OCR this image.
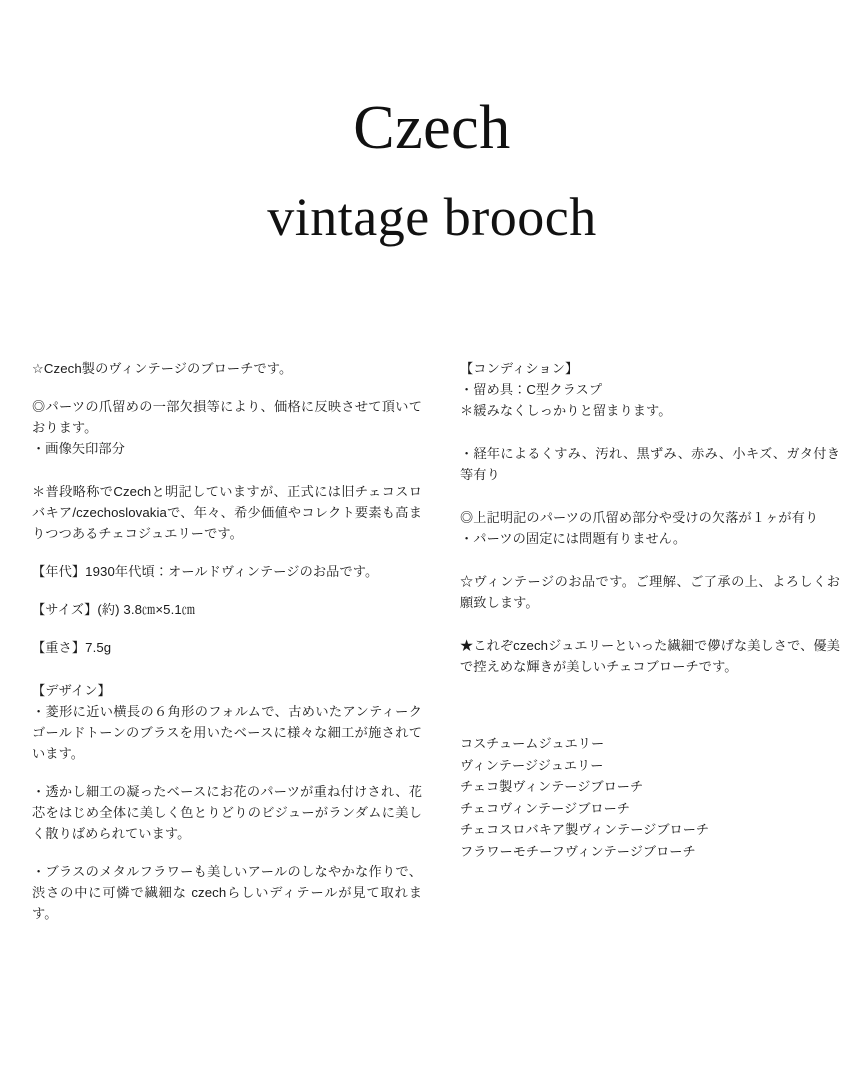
Czech
vintage brooch

☆Czech製のヴィンテージのブローチです。

◎パーツの爪留めの一部欠損等により、価格に反映させて頂いております。

・画像矢印部分

＊普段略称でCzechと明記していますが、正式には旧チェコスロバキア/czechoslovakiaで、年々、希少価値やコレクト要素も高まりつつあるチェコジュエリーです。

【年代】1930年代頃：オールドヴィンテージのお品です。

【サイズ】(約) 3.8㎝×5.1㎝

【重さ】7.5g

【デザイン】

・菱形に近い横長の６角形のフォルムで、古めいたアンティークゴールドトーンのブラスを用いたベースに様々な細工が施されています。

・透かし細工の凝ったベースにお花のパーツが重ね付けされ、花芯をはじめ全体に美しく色とりどりのビジューがランダムに美しく散りばめられています。

・ブラスのメタルフラワーも美しいアールのしなやかな作りで、渋さの中に可憐で繊細な czechらしいディテールが見て取れます。

【コンディション】

・留め具：C型クラスプ

＊緩みなくしっかりと留まります。

・経年によるくすみ、汚れ、黒ずみ、赤み、小キズ、ガタ付き等有り

◎上記明記のパーツの爪留め部分や受けの欠落が１ヶが有り

・パーツの固定には問題有りません。

☆ヴィンテージのお品です。ご理解、ご了承の上、よろしくお願致します。

★これぞczechジュエリーといった繊細で儚げな美しさで、優美で控えめな輝きが美しいチェコブローチです。

コスチュームジュエリー
ヴィンテージジュエリー
チェコ製ヴィンテージブローチ
チェコヴィンテージブローチ
チェコスロバキア製ヴィンテージブローチ
フラワーモチーフヴィンテージブローチ
